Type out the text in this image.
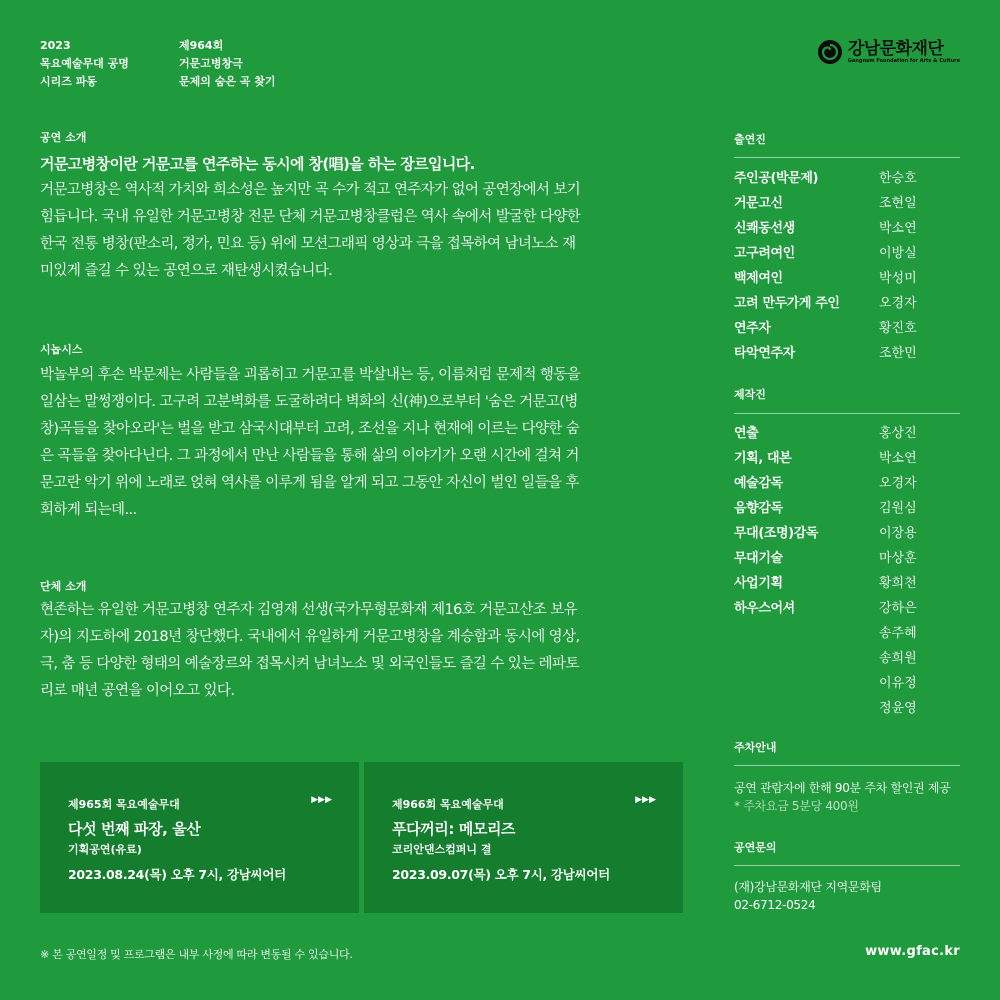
2023
목요예술무대 공명
시리즈 파동
제964회
거문고병창극
문제의 숨은 곡 찾기
강남문화재단
Gangnam Foundation for Arts & Culture
공연 소개
거문고병창이란 거문고를 연주하는 동시에 창(唱)을 하는 장르입니다.
거문고병창은 역사적 가치와 희소성은 높지만 곡 수가 적고 연주자가 없어 공연장에서 보기
힘듭니다. 국내 유일한 거문고병창 전문 단체 거문고병창클럽은 역사 속에서 발굴한 다양한
한국 전통 병창(판소리, 정가, 민요 등) 위에 모션그래픽 영상과 극을 접목하여 남녀노소 재
미있게 즐길 수 있는 공연으로 재탄생시켰습니다.
시놉시스
박놀부의 후손 박문제는 사람들을 괴롭히고 거문고를 박살내는 등, 이름처럼 문제적 행동을
일삼는 말썽쟁이다. 고구려 고분벽화를 도굴하려다 벽화의 신(神)으로부터 '숨은 거문고(병
창)곡들을 찾아오라'는 벌을 받고 삼국시대부터 고려, 조선을 지나 현재에 이르는 다양한 숨
은 곡들을 찾아다닌다. 그 과정에서 만난 사람들을 통해 삶의 이야기가 오랜 시간에 걸쳐 거
문고란 악기 위에 노래로 얹혀 역사를 이루게 됨을 알게 되고 그동안 자신이 벌인 일들을 후
회하게 되는데...
단체 소개
현존하는 유일한 거문고병창 연주자 김영재 선생(국가무형문화재 제16호 거문고산조 보유
자)의 지도하에 2018년 창단했다. 국내에서 유일하게 거문고병창을 계승함과 동시에 영상,
극, 춤 등 다양한 형태의 예술장르와 접목시켜 남녀노소 및 외국인들도 즐길 수 있는 레파토
리로 매년 공연을 이어오고 있다.
제965회 목요예술무대	▶▶▶
다섯 번째 파장, 울산
기획공연(유료)
2023.08.24(목) 오후 7시, 강남씨어터
제966회 목요예술무대	▶▶▶
푸다꺼리: 메모리즈
코리안댄스컴퍼니 결
2023.09.07(목) 오후 7시, 강남씨어터
출연진
주인공(박문제)	한승호
거문고신	조현일
신쾌동선생	박소연
고구려여인	이방실
백제여인	박성미
고려 만두가게 주인	오경자
연주자	황진호
타악연주자	조한민
제작진
연출	홍상진
기획, 대본	박소연
예술감독	오경자
음향감독	김원심
무대(조명)감독	이장용
무대기술	마상훈
사업기획	황희천
하우스어셔	강하은
송주혜
송희원
이유정
정윤영
주차안내
공연 관람자에 한해 90분 주차 할인권 제공
* 주차요금 5분당 400원
공연문의
(재)강남문화재단 지역문화팀
02-6712-0524
※ 본 공연일정 및 프로그램은 내부 사정에 따라 변동될 수 있습니다.	www.gfac.kr
